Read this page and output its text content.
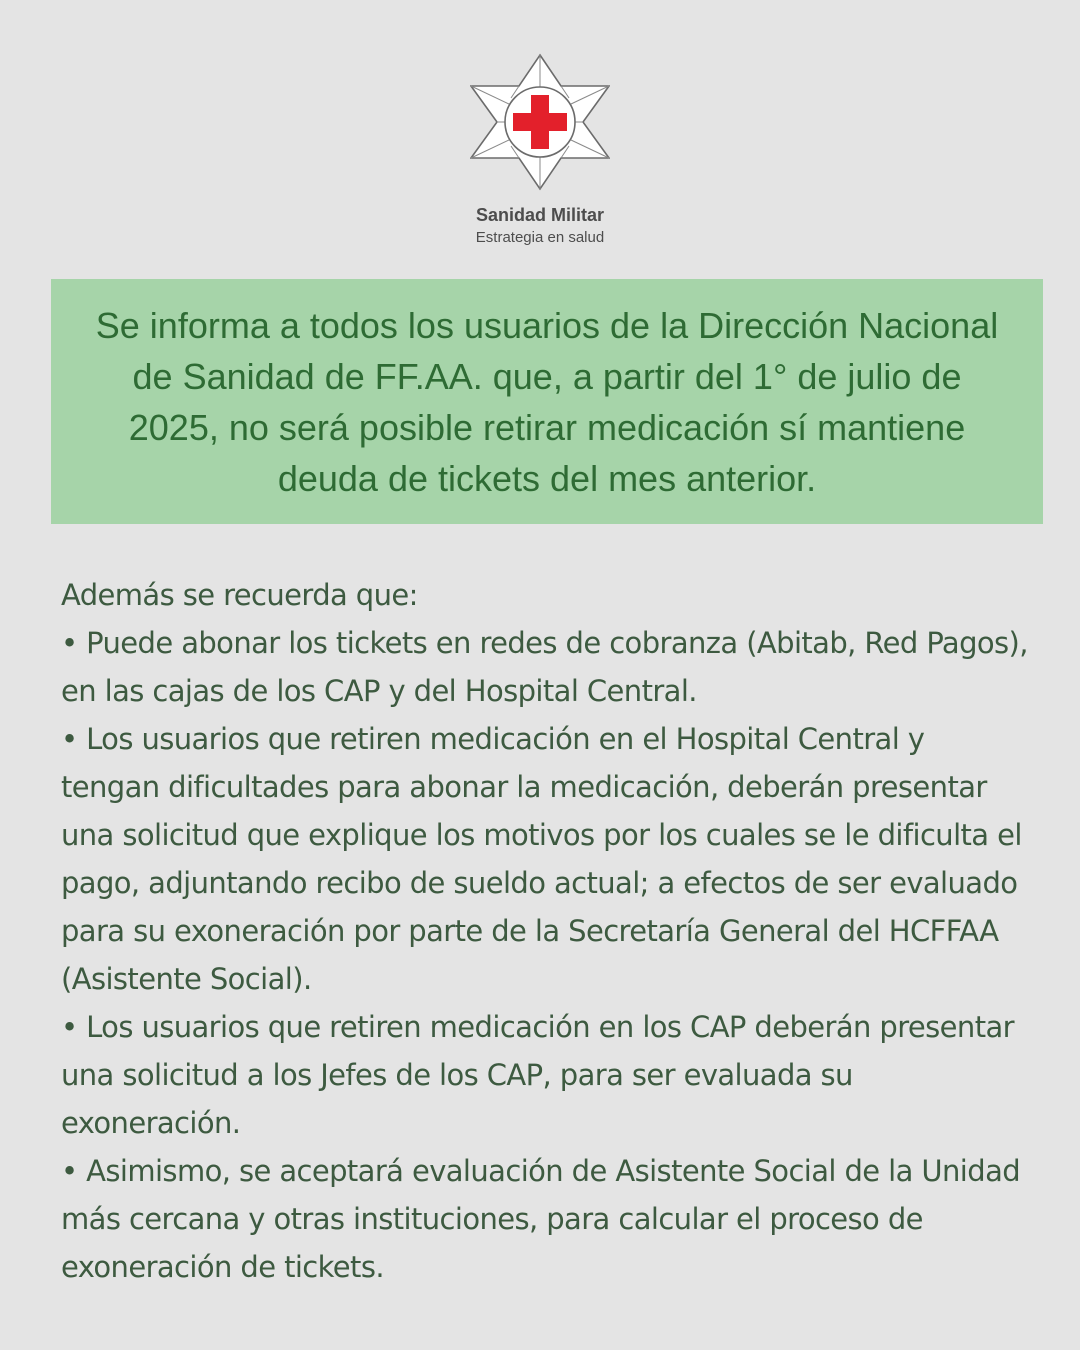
Sanidad Militar
Estrategia en salud

Se informa a todos los usuarios de la Dirección Nacional de Sanidad de FF.AA. que, a partir del 1° de julio de 2025, no será posible retirar medicación sí mantiene deuda de tickets del mes anterior.

Además se recuerda que:

• Puede abonar los tickets en redes de cobranza (Abitab, Red Pagos), en las cajas de los CAP y del Hospital Central.

• Los usuarios que retiren medicación en el Hospital Central y tengan dificultades para abonar la medicación, deberán presentar una solicitud que explique los motivos por los cuales se le dificulta el pago, adjuntando recibo de sueldo actual; a efectos de ser evaluado para su exoneración por parte de la Secretaría General del HCFFAA (Asistente Social).

• Los usuarios que retiren medicación en los CAP deberán presentar una solicitud a los Jefes de los CAP, para ser evaluada su exoneración.

• Asimismo, se aceptará evaluación de Asistente Social de la Unidad más cercana y otras instituciones, para calcular el proceso de exoneración de tickets.
